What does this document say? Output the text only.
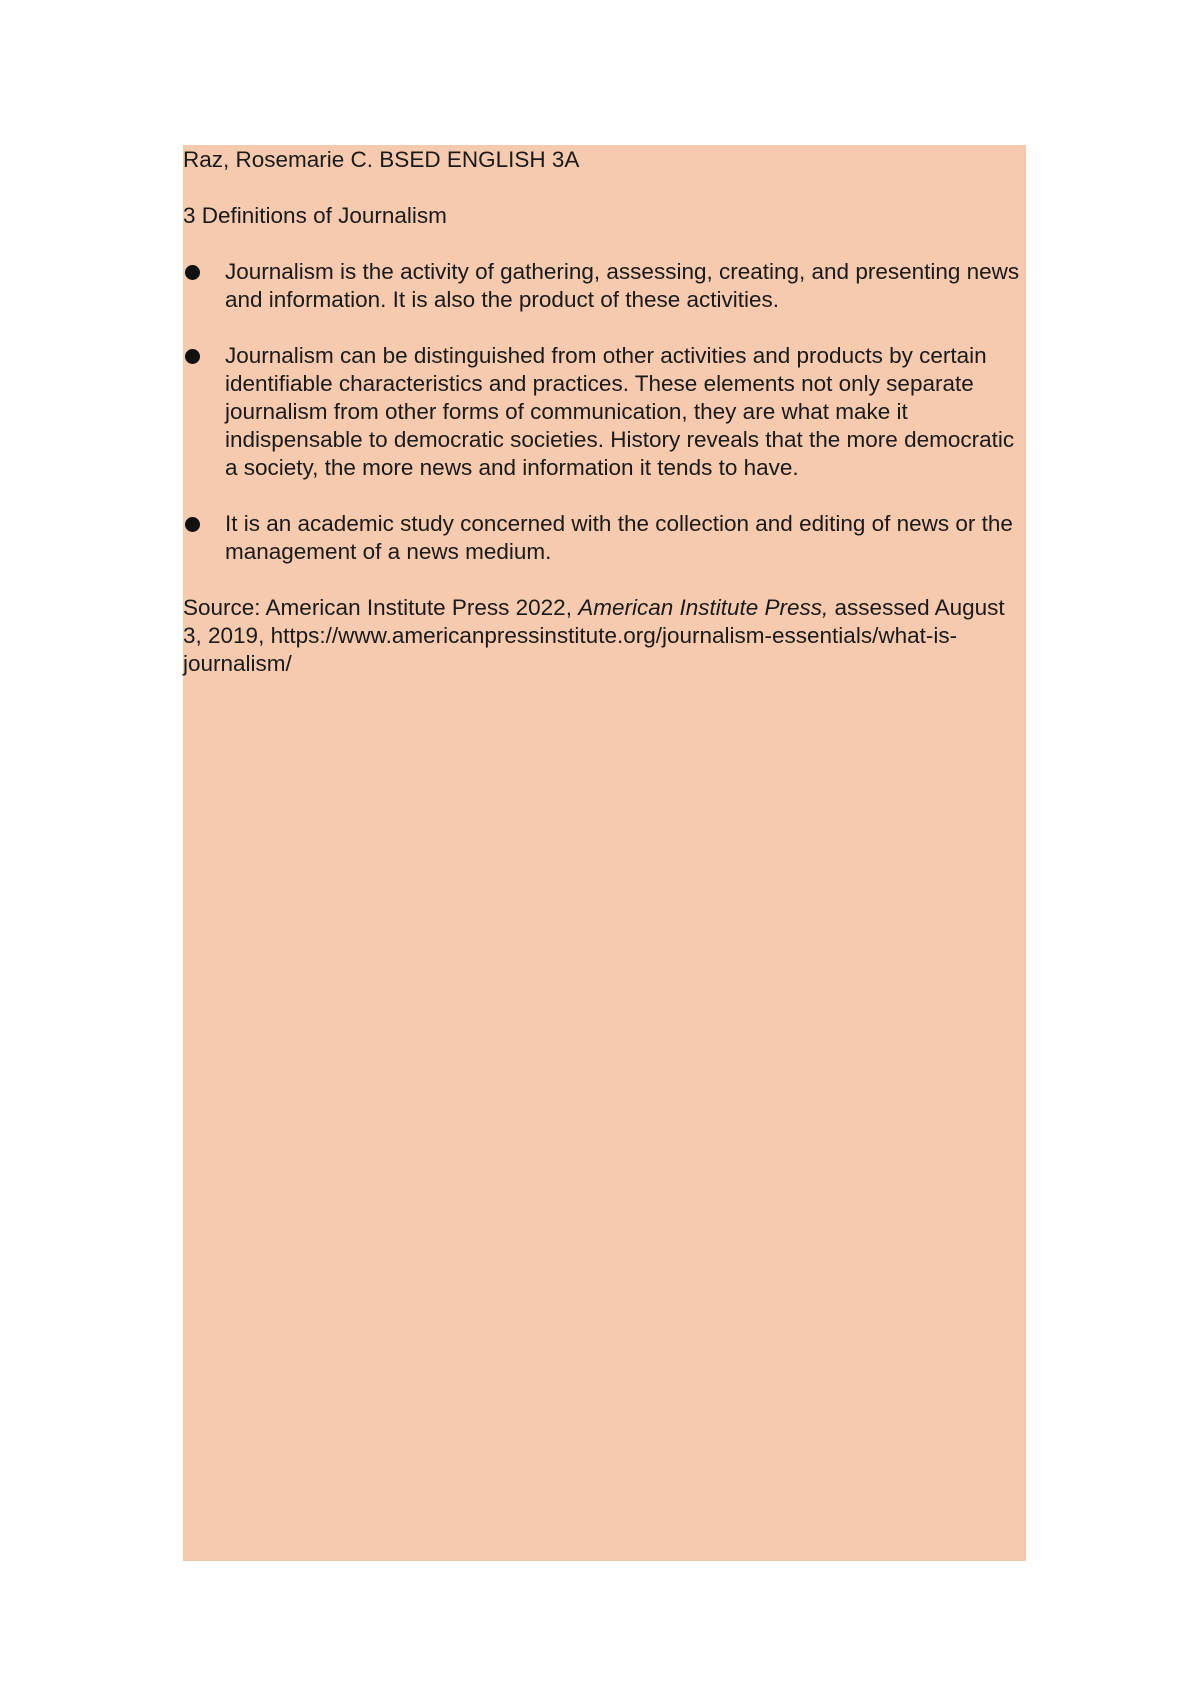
Raz, Rosemarie C. BSED ENGLISH 3A

3 Definitions of Journalism

Journalism is the activity of gathering, assessing, creating, and presenting news and information. It is also the product of these activities.
Journalism can be distinguished from other activities and products by certain identifiable characteristics and practices. These elements not only separate journalism from other forms of communication, they are what make it indispensable to democratic societies. History reveals that the more democratic a society, the more news and information it tends to have.
It is an academic study concerned with the collection and editing of news or the management of a news medium.

Source: American Institute Press 2022, American Institute Press, assessed August 3, 2019, https://www.americanpressinstitute.org/journalism-essentials/what-is-journalism/
